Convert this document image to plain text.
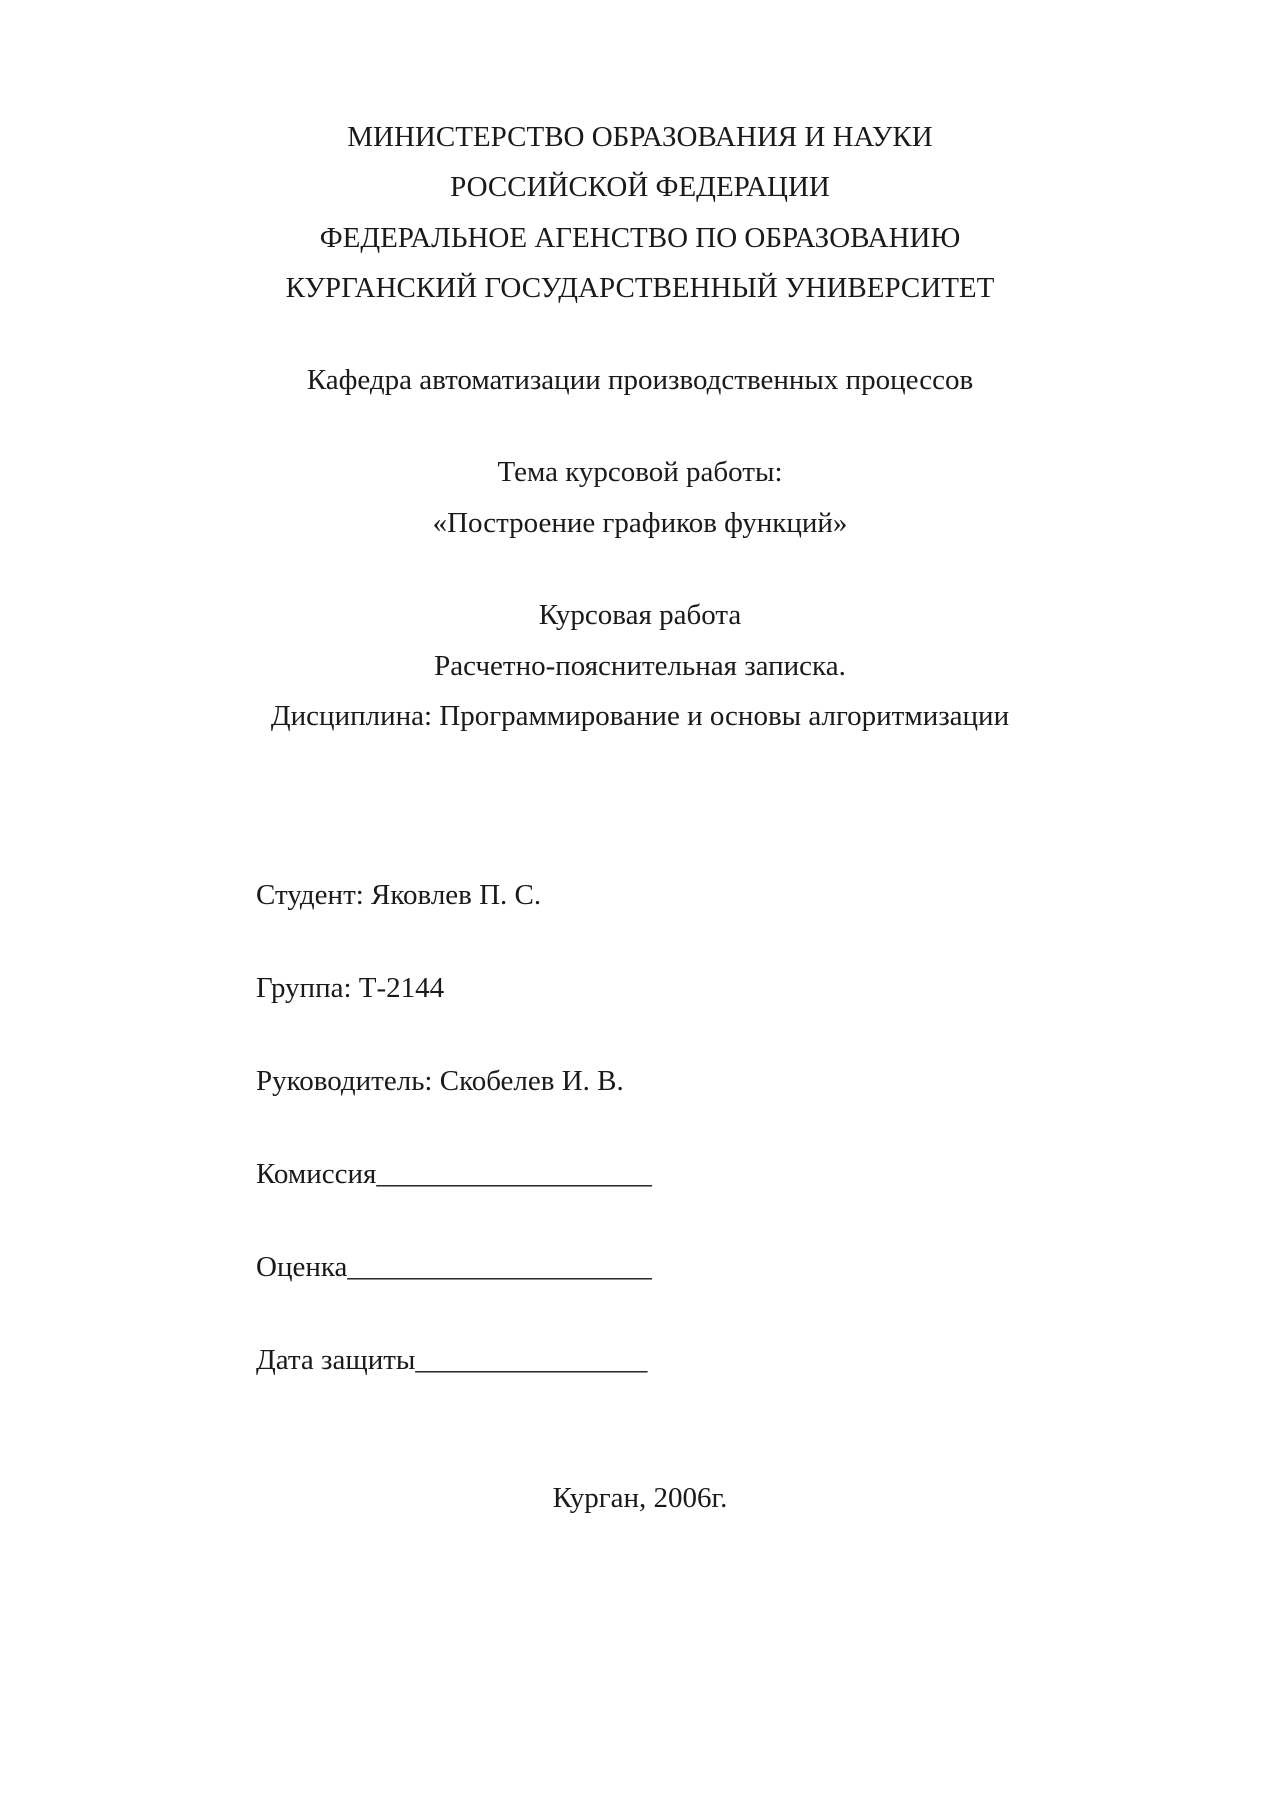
МИНИСТЕРСТВО ОБРАЗОВАНИЯ И НАУКИ
РОССИЙСКОЙ ФЕДЕРАЦИИ
ФЕДЕРАЛЬНОЕ АГЕНСТВО ПО ОБРАЗОВАНИЮ
КУРГАНСКИЙ ГОСУДАРСТВЕННЫЙ УНИВЕРСИТЕТ
Кафедра автоматизации производственных процессов
Тема курсовой работы:
«Построение графиков функций»
Курсовая работа
Расчетно-пояснительная записка.
Дисциплина: Программирование и основы алгоритмизации
Студент: Яковлев П. С.
Группа: Т-2144
Руководитель: Скобелев И. В.
Комиссия___________________
Оценка_____________________
Дата защиты________________
Курган, 2006г.
